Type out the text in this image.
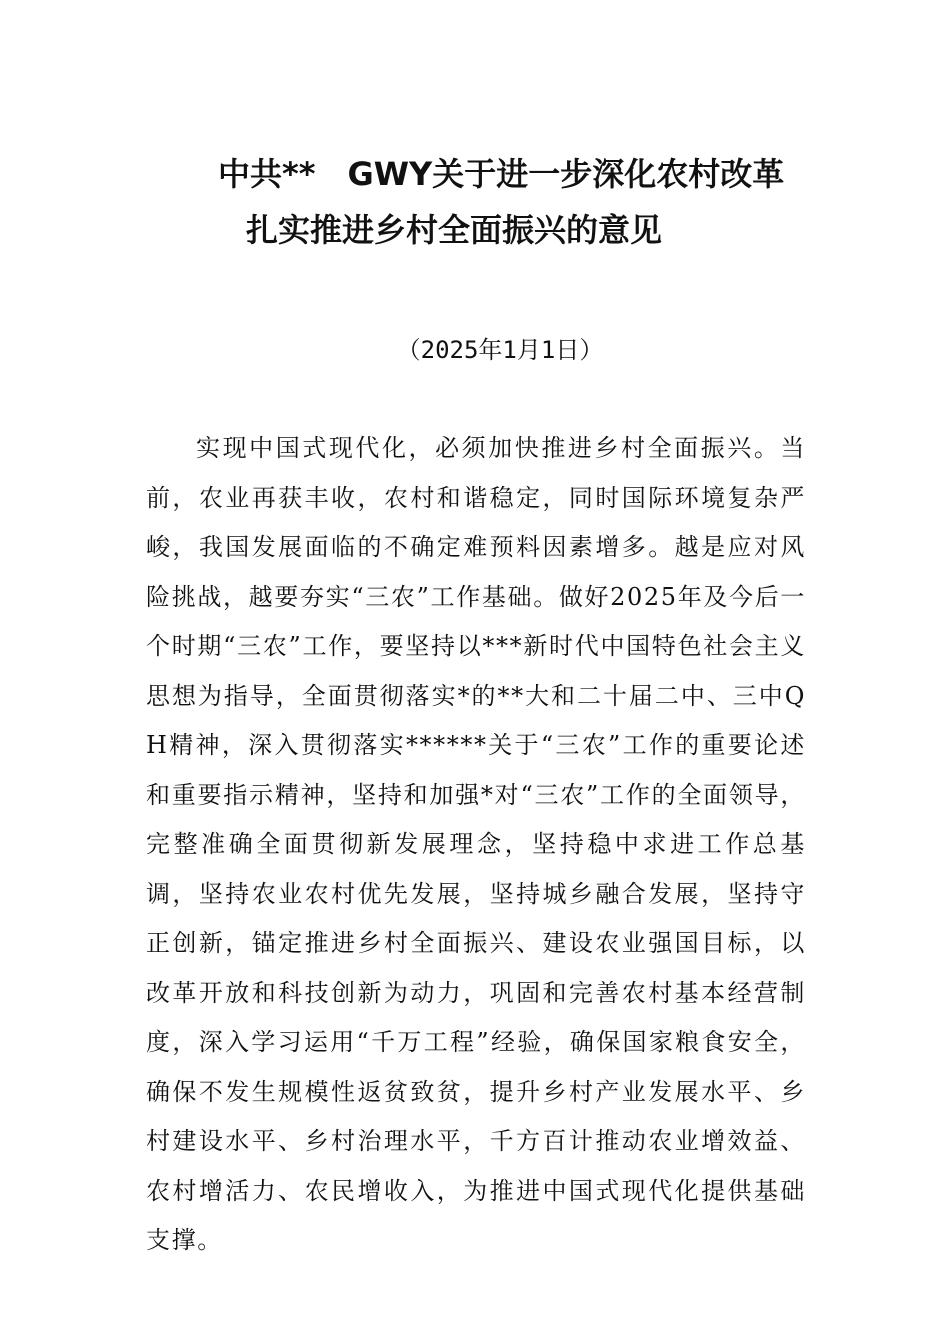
中共**　GWY关于进一步深化农村改革
扎实推进乡村全面振兴的意见

（2025年1月1日）

实现中国式现代化，必须加快推进乡村全面振兴。当前，农业再获丰收，农村和谐稳定，同时国际环境复杂严峻，我国发展面临的不确定难预料因素增多。越是应对风险挑战，越要夯实“三农”工作基础。做好2025年及今后一个时期“三农”工作，要坚持以***新时代中国特色社会主义思想为指导，全面贯彻落实*的**大和二十届二中、三中QH精神，深入贯彻落实******关于“三农”工作的重要论述和重要指示精神，坚持和加强*对“三农”工作的全面领导，完整准确全面贯彻新发展理念，坚持稳中求进工作总基调，坚持农业农村优先发展，坚持城乡融合发展，坚持守正创新，锚定推进乡村全面振兴、建设农业强国目标，以改革开放和科技创新为动力，巩固和完善农村基本经营制度，深入学习运用“千万工程”经验，确保国家粮食安全，确保不发生规模性返贫致贫，提升乡村产业发展水平、乡村建设水平、乡村治理水平，千方百计推动农业增效益、农村增活力、农民增收入，为推进中国式现代化提供基础支撑。
